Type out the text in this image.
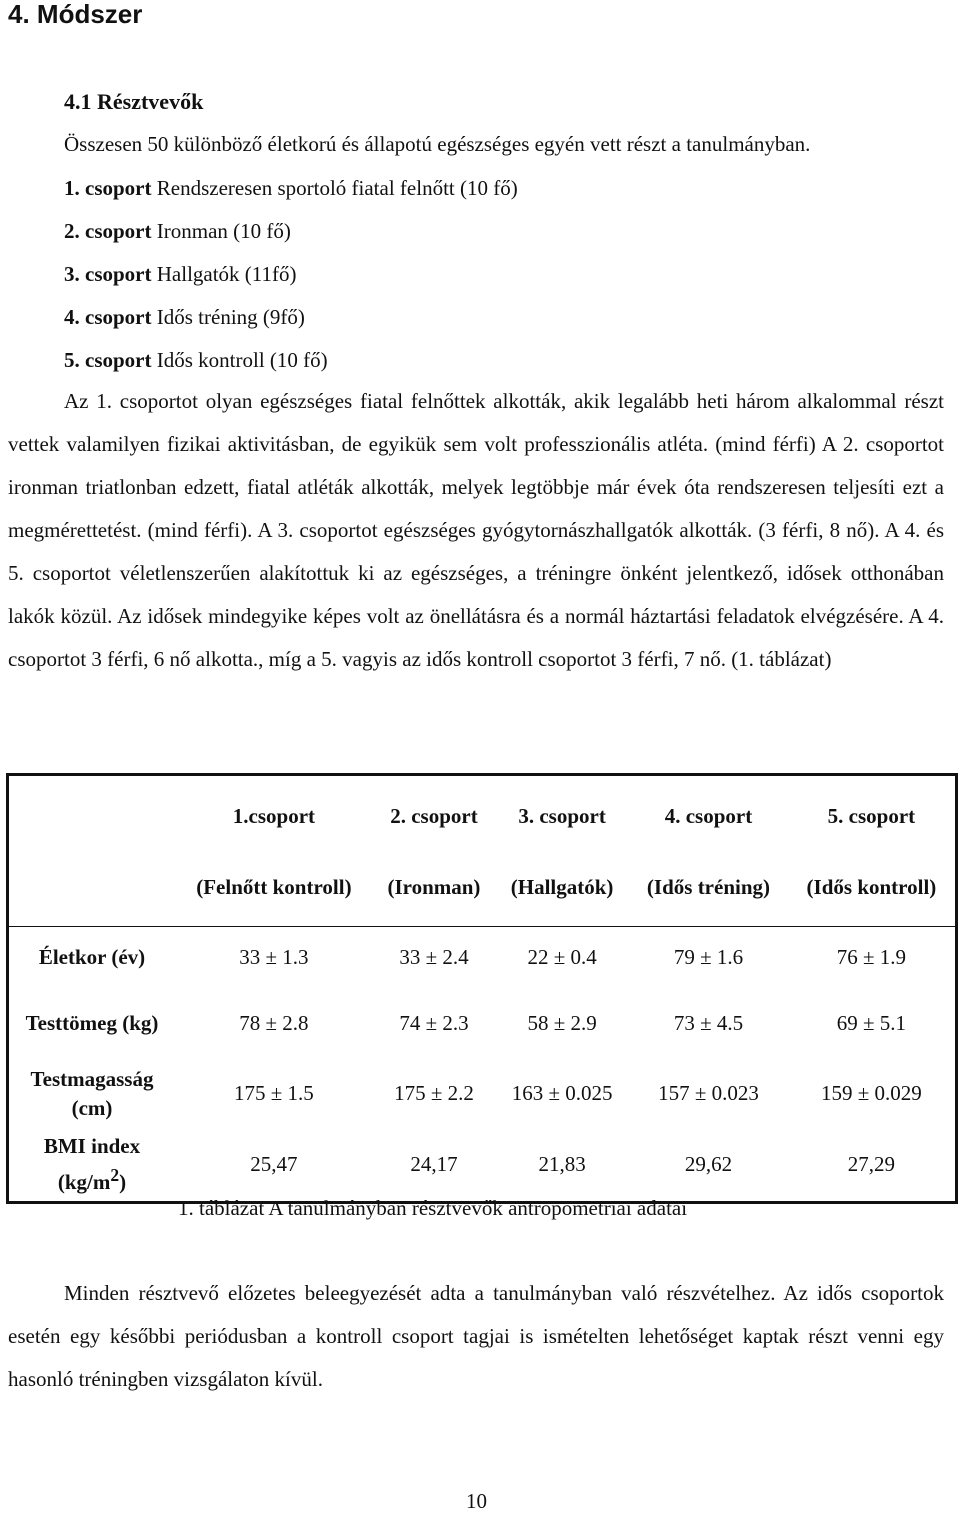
4. Módszer
4.1 Résztvevők

Összesen 50 különböző életkorú és állapotú egészséges egyén vett részt a tanulmányban.

1. csoport Rendszeresen sportoló fiatal felnőtt (10 fő)
2. csoport Ironman (10 fő)
3. csoport Hallgatók (11fő)
4. csoport Idős tréning (9fő)
5. csoport Idős kontroll (10 fő)

Az 1. csoportot olyan egészséges fiatal felnőttek alkották, akik legalább heti három alkalommal részt vettek valamilyen fizikai aktivitásban, de egyikük sem volt professzionális atléta. (mind férfi) A 2. csoportot ironman triatlonban edzett, fiatal atléták alkották, melyek legtöbbje már évek óta rendszeresen teljesíti ezt a megmérettetést. (mind férfi). A 3. csoportot egészséges gyógytornászhallgatók alkották. (3 férfi, 8 nő). A 4. és 5. csoportot véletlenszerűen alakítottuk ki az egészséges, a tréningre önként jelentkező, idősek otthonában lakók közül. Az idősek mindegyike képes volt az önellátásra és a normál háztartási feladatok elvégzésére. A 4. csoportot 3 férfi, 6 nő alkotta., míg a 5. vagyis az idős kontroll csoportot 3 férfi, 7 nő. (1. táblázat)

	1.csoport	2. csoport	3. csoport	4. csoport	5. csoport
	(Felnőtt kontroll)	(Ironman)	(Hallgatók)	(Idős tréning)	(Idős kontroll)
Életkor (év)	33 ± 1.3	33 ± 2.4	22 ± 0.4	79 ± 1.6	76 ± 1.9
Testtömeg (kg)	78 ± 2.8	74 ± 2.3	58 ± 2.9	73 ± 4.5	69 ± 5.1
Testmagasság (cm)	175 ± 1.5	175 ± 2.2	163 ± 0.025	157 ± 0.023	159 ± 0.029
BMI index
$(kg/m^2)$	25,47	24,17	21,83	29,62	27,29

1. táblázat A tanulmányban résztvevők antropometriai adatai

Minden résztvevő előzetes beleegyezését adta a tanulmányban való részvételhez. Az idős csoportok esetén egy későbbi periódusban a kontroll csoport tagjai is ismételten lehetőséget kaptak részt venni egy hasonló tréningben vizsgálaton kívül.

10
